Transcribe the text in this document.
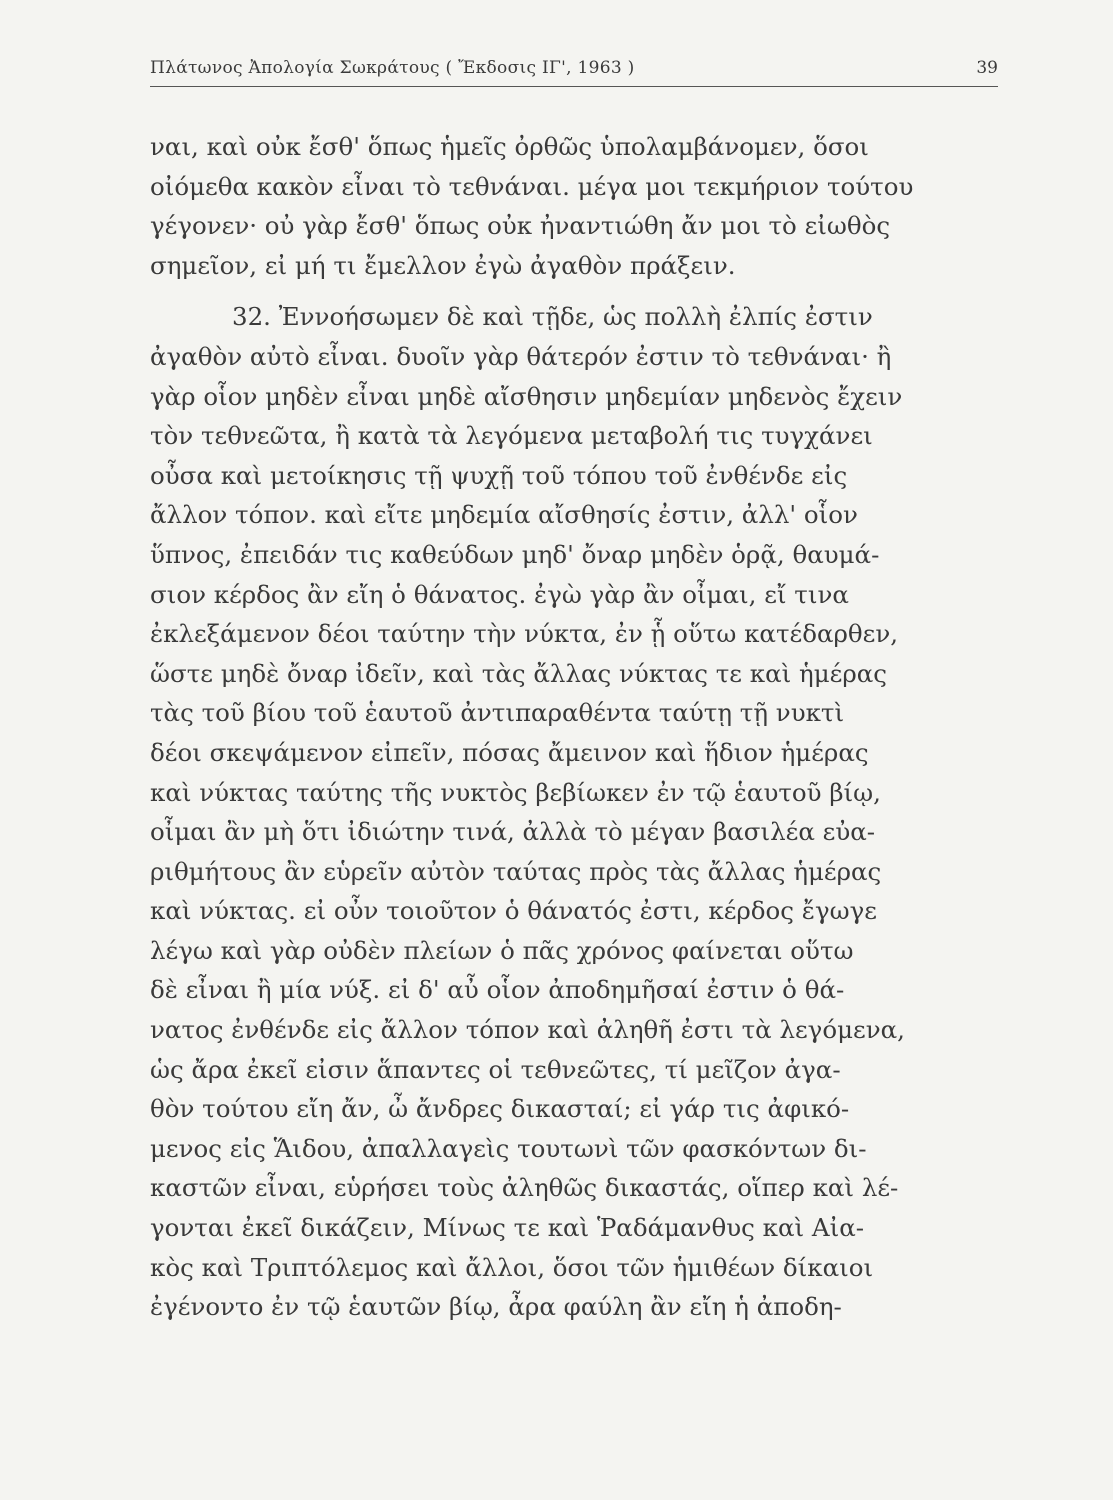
Πλάτωνος Ἀπολογία Σωκράτους ( Ἔκδοσις ΙΓ', 1963 )	39
ναι, καὶ οὐκ ἔσθ' ὅπως ἡμεῖς ὀρθῶς ὑπολαμβάνομεν, ὅσοι
οἰόμεθα κακὸν εἶναι τὸ τεθνάναι. μέγα μοι τεκμήριον τούτου
γέγονεν· οὐ γὰρ ἔσθ' ὅπως οὐκ ἠναντιώθη ἄν μοι τὸ εἰωθὸς
σημεῖον, εἰ μή τι ἔμελλον ἐγὼ ἀγαθὸν πράξειν.
32. Ἐννοήσωμεν δὲ καὶ τῇδε, ὡς πολλὴ ἐλπίς ἐστιν
ἀγαθὸν αὐτὸ εἶναι. δυοῖν γὰρ θάτερόν ἐστιν τὸ τεθνάναι· ἢ
γὰρ οἷον μηδὲν εἶναι μηδὲ αἴσθησιν μηδεμίαν μηδενὸς ἔχειν
τὸν τεθνεῶτα, ἢ κατὰ τὰ λεγόμενα μεταβολή τις τυγχάνει
οὖσα καὶ μετοίκησις τῇ ψυχῇ τοῦ τόπου τοῦ ἐνθένδε εἰς
ἄλλον τόπον. καὶ εἴτε μηδεμία αἴσθησίς ἐστιν, ἀλλ' οἷον
ὕπνος, ἐπειδάν τις καθεύδων μηδ' ὄναρ μηδὲν ὁρᾷ, θαυμά-
σιον κέρδος ἂν εἴη ὁ θάνατος. ἐγὼ γὰρ ἂν οἶμαι, εἴ τινα
ἐκλεξάμενον δέοι ταύτην τὴν νύκτα, ἐν ᾗ οὕτω κατέδαρθεν,
ὥστε μηδὲ ὄναρ ἰδεῖν, καὶ τὰς ἄλλας νύκτας τε καὶ ἡμέρας
τὰς τοῦ βίου τοῦ ἑαυτοῦ ἀντιπαραθέντα ταύτῃ τῇ νυκτὶ
δέοι σκεψάμενον εἰπεῖν, πόσας ἄμεινον καὶ ἥδιον ἡμέρας
καὶ νύκτας ταύτης τῆς νυκτὸς βεβίωκεν ἐν τῷ ἑαυτοῦ βίῳ,
οἶμαι ἂν μὴ ὅτι ἰδιώτην τινά, ἀλλὰ τὸ μέγαν βασιλέα εὐα-
ριθμήτους ἂν εὑρεῖν αὐτὸν ταύτας πρὸς τὰς ἄλλας ἡμέρας
καὶ νύκτας. εἰ οὖν τοιοῦτον ὁ θάνατός ἐστι, κέρδος ἔγωγε
λέγω καὶ γὰρ οὐδὲν πλείων ὁ πᾶς χρόνος φαίνεται οὕτω
δὲ εἶναι ἢ μία νύξ. εἰ δ' αὖ οἷον ἀποδημῆσαί ἐστιν ὁ θά-
νατος ἐνθένδε εἰς ἄλλον τόπον καὶ ἀληθῆ ἐστι τὰ λεγόμενα,
ὡς ἄρα ἐκεῖ εἰσιν ἅπαντες οἱ τεθνεῶτες, τί μεῖζον ἀγα-
θὸν τούτου εἴη ἄν, ὦ ἄνδρες δικασταί; εἰ γάρ τις ἀφικό-
μενος εἰς Ἅιδου, ἀπαλλαγεὶς τουτωνὶ τῶν φασκόντων δι-
καστῶν εἶναι, εὑρήσει τοὺς ἀληθῶς δικαστάς, οἵπερ καὶ λέ-
γονται ἐκεῖ δικάζειν, Μίνως τε καὶ Ῥαδάμανθυς καὶ Αἰα-
κὸς καὶ Τριπτόλεμος καὶ ἄλλοι, ὅσοι τῶν ἡμιθέων δίκαιοι
ἐγένοντο ἐν τῷ ἑαυτῶν βίῳ, ἆρα φαύλη ἂν εἴη ἡ ἀποδη-
